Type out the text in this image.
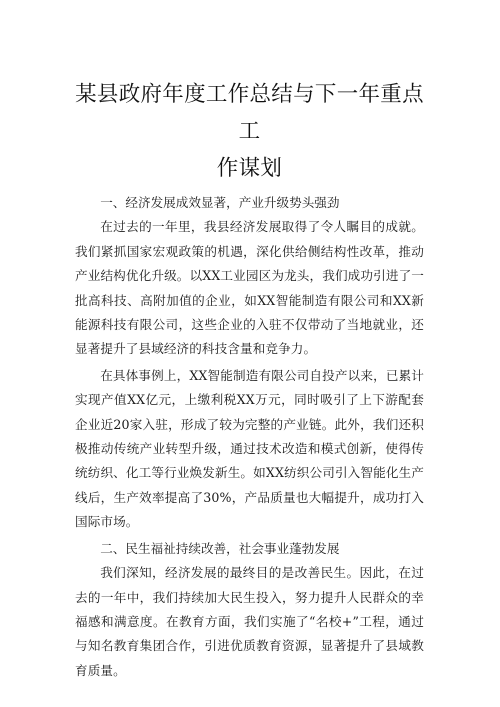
某县政府年度工作总结与下一年重点工
作谋划

一、经济发展成效显著，产业升级势头强劲

在过去的一年里，我县经济发展取得了令人瞩目的成就。我们紧抓国家宏观政策的机遇，深化供给侧结构性改革，推动产业结构优化升级。以XX工业园区为龙头，我们成功引进了一批高科技、高附加值的企业，如XX智能制造有限公司和XX新能源科技有限公司，这些企业的入驻不仅带动了当地就业，还显著提升了县域经济的科技含量和竞争力。

在具体事例上，XX智能制造有限公司自投产以来，已累计实现产值XX亿元，上缴利税XX万元，同时吸引了上下游配套企业近20家入驻，形成了较为完整的产业链。此外，我们还积极推动传统产业转型升级，通过技术改造和模式创新，使得传统纺织、化工等行业焕发新生。如XX纺织公司引入智能化生产线后，生产效率提高了30%，产品质量也大幅提升，成功打入国际市场。

二、民生福祉持续改善，社会事业蓬勃发展

我们深知，经济发展的最终目的是改善民生。因此，在过去的一年中，我们持续加大民生投入，努力提升人民群众的幸福感和满意度。在教育方面，我们实施了“名校+”工程，通过与知名教育集团合作，引进优质教育资源，显著提升了县域教育质量。
